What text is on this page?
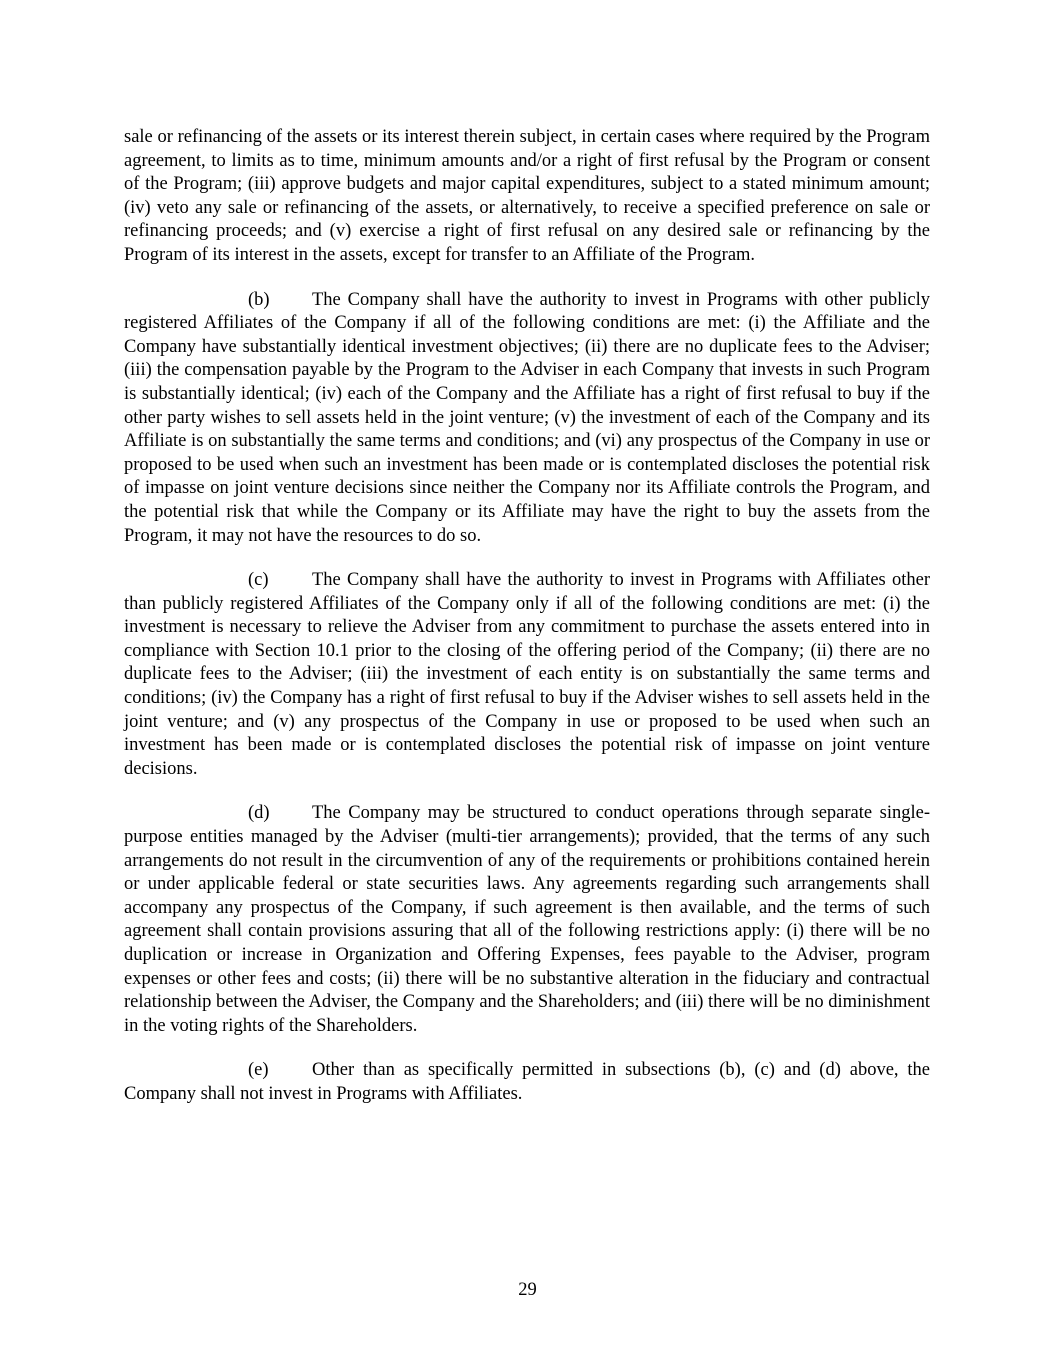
sale or refinancing of the assets or its interest therein subject, in certain cases where required by the Program agreement, to limits as to time, minimum amounts and/or a right of first refusal by the Program or consent of the Program; (iii) approve budgets and major capital expenditures, subject to a stated minimum amount; (iv) veto any sale or refinancing of the assets, or alternatively, to receive a specified preference on sale or refinancing proceeds; and (v) exercise a right of first refusal on any desired sale or refinancing by the Program of its interest in the assets, except for transfer to an Affiliate of the Program.

(b) The Company shall have the authority to invest in Programs with other publicly registered Affiliates of the Company if all of the following conditions are met: (i) the Affiliate and the Company have substantially identical investment objectives; (ii) there are no duplicate fees to the Adviser; (iii) the compensation payable by the Program to the Adviser in each Company that invests in such Program is substantially identical; (iv) each of the Company and the Affiliate has a right of first refusal to buy if the other party wishes to sell assets held in the joint venture; (v) the investment of each of the Company and its Affiliate is on substantially the same terms and conditions; and (vi) any prospectus of the Company in use or proposed to be used when such an investment has been made or is contemplated discloses the potential risk of impasse on joint venture decisions since neither the Company nor its Affiliate controls the Program, and the potential risk that while the Company or its Affiliate may have the right to buy the assets from the Program, it may not have the resources to do so.

(c) The Company shall have the authority to invest in Programs with Affiliates other than publicly registered Affiliates of the Company only if all of the following conditions are met: (i) the investment is necessary to relieve the Adviser from any commitment to purchase the assets entered into in compliance with Section 10.1 prior to the closing of the offering period of the Company; (ii) there are no duplicate fees to the Adviser; (iii) the investment of each entity is on substantially the same terms and conditions; (iv) the Company has a right of first refusal to buy if the Adviser wishes to sell assets held in the joint venture; and (v) any prospectus of the Company in use or proposed to be used when such an investment has been made or is contemplated discloses the potential risk of impasse on joint venture decisions.

(d) The Company may be structured to conduct operations through separate single-purpose entities managed by the Adviser (multi-tier arrangements); provided, that the terms of any such arrangements do not result in the circumvention of any of the requirements or prohibitions contained herein or under applicable federal or state securities laws. Any agreements regarding such arrangements shall accompany any prospectus of the Company, if such agreement is then available, and the terms of such agreement shall contain provisions assuring that all of the following restrictions apply: (i) there will be no duplication or increase in Organization and Offering Expenses, fees payable to the Adviser, program expenses or other fees and costs; (ii) there will be no substantive alteration in the fiduciary and contractual relationship between the Adviser, the Company and the Shareholders; and (iii) there will be no diminishment in the voting rights of the Shareholders.

(e) Other than as specifically permitted in subsections (b), (c) and (d) above, the Company shall not invest in Programs with Affiliates.

29
